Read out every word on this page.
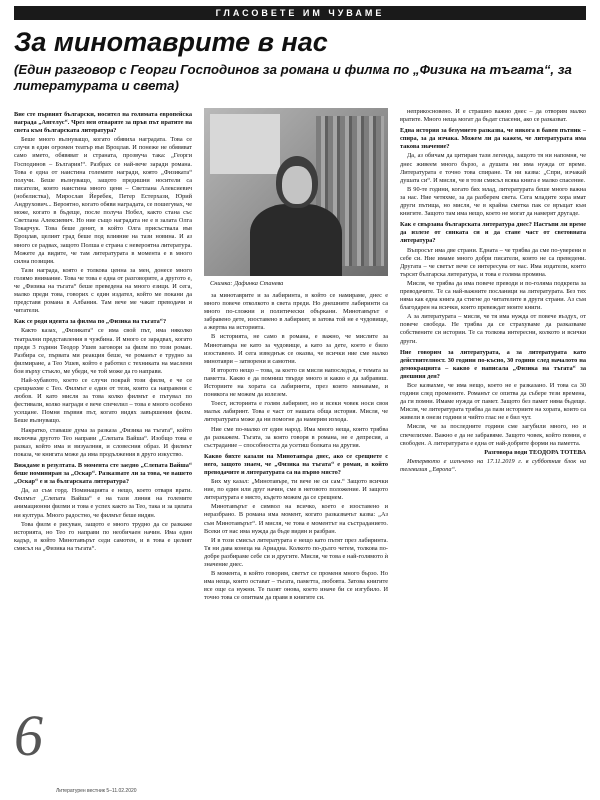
ГЛАСОВЕТЕ ИМ ЧУВАМЕ
За минотаврите в нас
(Един разговор с Георги Господинов за романа и филма по „Физика на тъгата“, за литературата и света)

Вие сте първият български, носител на голямата европейска награда „Ангелус“. Чрез нея отваряте за пръв път вратите на света към българската литература?

Беше много вълнуващо, когато обявиха наградата. Това се случи в един огромен театър във Вроцлав. И понеже не обявяват само името, обявяват и страната, прозвуча така: „Георги Господинов – България!“. Разбрах се най-вече заради романа. Това е една от наистина големите награди, която „Физиката“ получи. Беше вълнуващо, защото предишни носители са писатели, които наистина много ценя – Светлана Алексиевич (нобелистка), Мирослав Йеребек, Петер Естерхази, Юрий Андрухович... Вероятно, когато обяви наградата, се пошегувах, че може, когато в бъдеще, после получа Нобел, както стана със Светлана Алексиевич. Но ние също наградата не е в залата Олга Токарчук. Това беше денят, в който Олга присъствала във Вроцлав, целият град беше под влияние на тази новина. И аз много се радвах, защото Полша е страна с невероятна литература. Можете да видите, че там литературата в момента е в много силна позиция.

Тази награда, която е толкова ценна за мен, донесе много голямо внимание. Това че това е една от разговорите, а другото е, че „Физика на тъгата“ беше преведена на много езици. И сега, малко преди това, говорих с един издател, който ме покани да представя романа в Албания. Там вече ме чакат преводачи и читатели.

Как се роди идеята за филма по „Физика на тъгата“?

Както казах, „Физиката“ се има свой път, има няколко театрални представления в чужбина. И много се зарадвах, когато преди 3 години Теодор Ушев заговори за филм по този роман. Разбира се, първата ми реакция беше, че романът е трудно за филмиране, а Тео Ушев, който е работил с техниката на маслени бои върху стъкло, ме убеди, че той може да го направи.

Най-хубавото, което се случи покрай този филм, е че се срещнахме с Тео. Филмът е един от тези, които са направени с любов. И като мисля за това колко филмът е пътувал по фестивали, колко награди е вече спечелил – това е много особено усещане. Помня първия път, когато видях завършения филм. Беше вълнуващо.

Накратко, ставаше дума за разказа „Физика на тъгата“, който включва другото Тео направи „Слепата Вайша“. Изобщо това е разказ, който има и визуалния, и словесния образ. И филмът показа, че книгата може да има продължения в друго изкуство.

Виждаме в резултата. В момента сте заедно „Слепата Вайша“ беше номиниран за „Оскар“. Разказвате ли за това, че вашето „Оскар“ е и за българската литература?

Да, аз съм горд. Номинацията е нещо, което отваря врати. Филмът „Слепата Вайша“ е на тази линия на големите анимационни филми и това е успех както за Тео, така и за цялата ни култура. Много радостно, че филмът беше видян.

Това филм е рисуван, защото е много трудно да се разкаже историята, но Тео го направи по необичаен начин. Има един кадър, в който Минотавърът седи самотен, и в това е целият смисъл на „Физика на тъгата“.

Снимка: Дафинка Станева

за минотаврите и за лабиринта, в който се намираме, днес е много повече отколкото в света преди. Но днешните лабиринти са много по-сложни и политически объркани. Минотавърът е забравено дете, изоставено в лабиринт, и затова той не е чудовище, а жертва на историята.

В историята, не само в романа, е важно, че мислите за Минотавъра не като за чудовище, а като за дете, което е било изоставено. И сега изведнъж се оказва, че всички ние сме малко минотаври – затворени и самотни.

И второто нещо – това, за което си мисля напоследък, е темата за паметта. Какво е да помниш твърде много и какво е да забравиш. Историите на хората са лабиринти, през които минаваме, и понякога не можем да излезем.

Тоест, историята е голям лабиринт, но и всеки човек носи своя малък лабиринт. Това е част от нашата обща история. Мисля, че литературата може да ни помогне да намерим изхода.

Ние сме по-малко от един народ. Има много неща, които трябва да разкажем. Тъгата, за която говоря в романа, не е депресия, а състрадание – способността да усетиш болката на другия.

Какво бихте казали на Минотавъра днес, ако се срещнете с него, защото знаем, че „Физика на тъгата“ е роман, в който преводачите и литературата са на първо място?

Бих му казал: „Минотавъре, ти вече не си сам.“ Защото всички ние, по един или друг начин, сме в неговото положение. И защото литературата е място, където можем да се срещнем.

Минотавърът е символ на всичко, което е изоставено и неразбрано. В романа има момент, когато разказвачът казва: „Аз съм Минотавърът“. И мисля, че това е моментът на състраданието. Всеки от нас има нужда да бъде видян и разбран.

И в този смисъл литературата е нещо като пътят през лабиринта. Тя ни дава конеца на Ариадна. Колкото по-дълго четем, толкова по-добре разбираме себе си и другите. Мисля, че това е най-голямото ѝ значение днес.

В момента, в който говорим, светът се променя много бързо. Но има неща, които остават – тъгата, паметта, любовта. Затова книгите все още са нужни. Те пазят онова, което иначе би се изгубило. И точно това се опитвам да правя в книгите си.

неприкосновено. И е страшно важно днес – да отворим малко вратите. Много неща могат да бъдат спасени, ако се разказват.

Една история за безумието разказва, че някога в бавен пътник – спира, за да изчака. Можем ли да кажем, че литературата има такова значение?

Да, аз обичам да цитирам тази легенда, защото тя ни напомня, че днес живеем много бързо, а душата ни има нужда от време. Литературата е точно това спиране. Тя ни казва: „Спри, изчакай душата си“. И мисля, че в този смисъл всяка книга е малко спасение.

В 90-те години, когато бях млад, литературата беше много важна за нас. Ние четяхме, за да разберем света. Сега младите хора имат други пътища, но мисля, че в крайна сметка пак се връщат към книгите. Защото там има нещо, което не могат да намерят другаде.

Как е свързана българската литература днес? Настъпи ли време да излезе от сянката си и да стане част от световната литература?

Въпросът има две страни. Едната – че трябва да сме по-уверени в себе си. Ние имаме много добри писатели, които не са преведени. Другата – че светът вече се интересува от нас. Има издатели, които търсят българска литература, и това е голяма промяна.

Мисля, че трябва да има повече преводи и по-голяма подкрепа за преводачите. Те са най-важните посланици на литературата. Без тях няма как една книга да стигне до читателите в други страни. Аз съм благодарен на всички, които превеждат моите книги.

А за литературата – мисля, че тя има нужда от повече въздух, от повече свобода. Не трябва да се страхуваме да разказваме собствените си истории. Те са толкова интересни, колкото и всички други.

Ние говорим за литературата, а за литературата като действителност. 30 години по-късно, 30 години след началото на демокрацията – какво е написала „Физика на тъгата“ за днешния ден?

Все казвахме, че има нещо, което не е разказано. И това са 30 години след промените. Романът се опитва да събере тези времена, да ги помни. Имаме нужда от памет. Защото без памет няма бъдеще. Мисля, че литературата трябва да пази историите на хората, които са живели в онези години и чийто глас не е бил чут.

Мисля, че за последните години сме загубили много, но и спечелихме. Важно е да не забравяме. Защото човек, който помни, е свободен. А литературата е една от най-добрите форми на паметта.

Разговора води ТЕОДОРА ТОТЕВА

Интервюто е излъчено на 17.11.2019 г. в субботния блок на телевизия „Европа“.

6
Литературен вестник 5–11.02.2020
